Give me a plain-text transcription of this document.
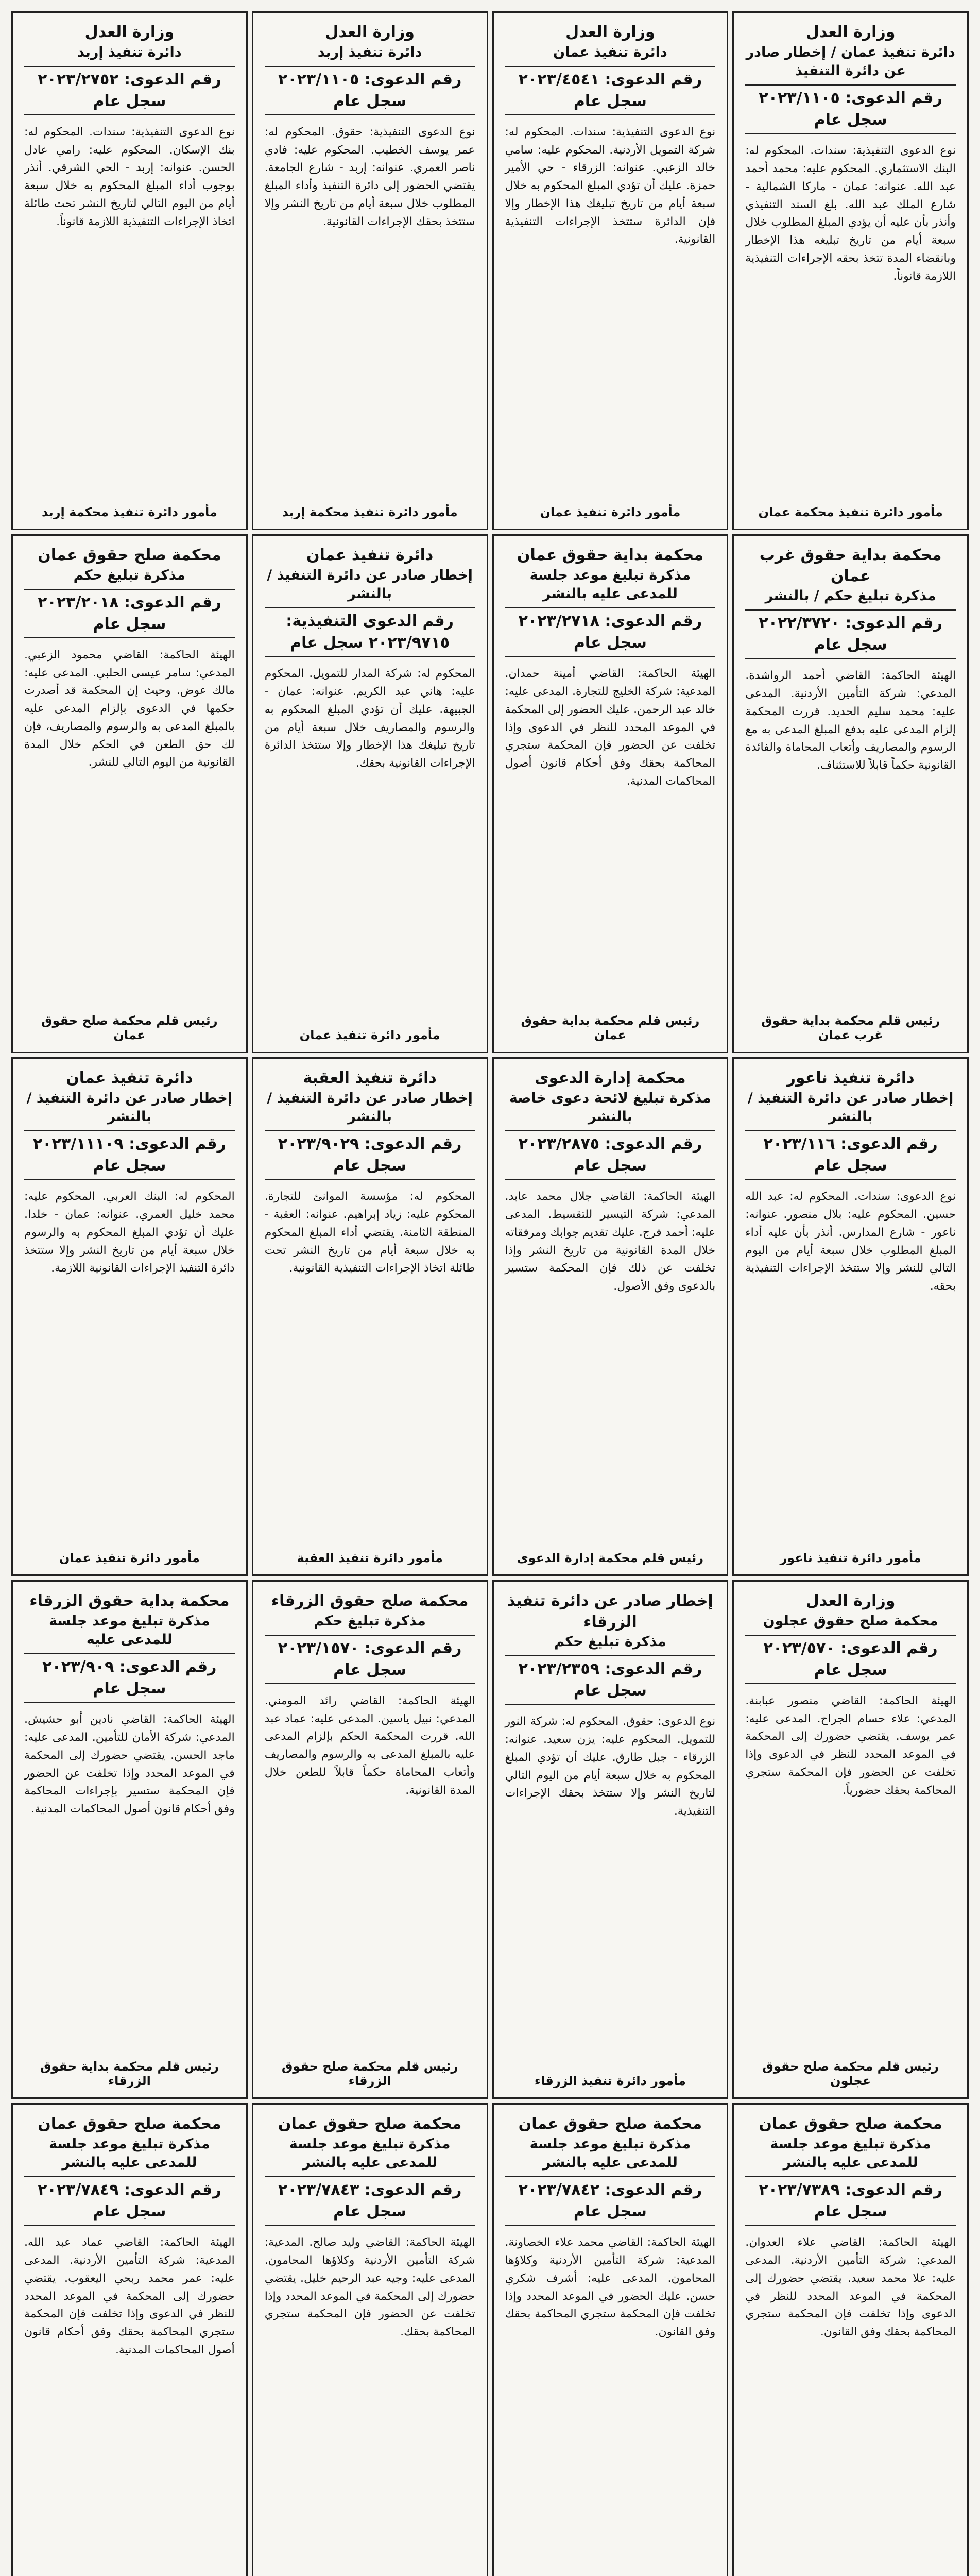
وزارة العدل
دائرة تنفيذ عمان / إخطار صادر عن دائرة التنفيذ
رقم الدعوى: ٢٠٢٣/١١٠٥ سجل عام
نوع الدعوى التنفيذية: سندات. المحكوم له: البنك الاستثماري. المحكوم عليه: محمد أحمد عبد الله. عنوانه: عمان - ماركا الشمالية - شارع الملك عبد الله. بلغ السند التنفيذي وأنذر بأن عليه أن يؤدي المبلغ المطلوب خلال سبعة أيام من تاريخ تبليغه هذا الإخطار وبانقضاء المدة تتخذ بحقه الإجراءات التنفيذية اللازمة قانوناً.
مأمور دائرة تنفيذ محكمة عمان
وزارة العدل
دائرة تنفيذ عمان
رقم الدعوى: ٢٠٢٣/٤٥٤١ سجل عام
نوع الدعوى التنفيذية: سندات. المحكوم له: شركة التمويل الأردنية. المحكوم عليه: سامي خالد الزعبي. عنوانه: الزرقاء - حي الأمير حمزة. عليك أن تؤدي المبلغ المحكوم به خلال سبعة أيام من تاريخ تبليغك هذا الإخطار وإلا فإن الدائرة ستتخذ الإجراءات التنفيذية القانونية.
مأمور دائرة تنفيذ عمان
وزارة العدل
دائرة تنفيذ إربد
رقم الدعوى: ٢٠٢٣/١١٠٥ سجل عام
نوع الدعوى التنفيذية: حقوق. المحكوم له: عمر يوسف الخطيب. المحكوم عليه: فادي ناصر العمري. عنوانه: إربد - شارع الجامعة. يقتضي الحضور إلى دائرة التنفيذ وأداء المبلغ المطلوب خلال سبعة أيام من تاريخ النشر وإلا ستتخذ بحقك الإجراءات القانونية.
مأمور دائرة تنفيذ محكمة إربد
وزارة العدل
دائرة تنفيذ إربد
رقم الدعوى: ٢٠٢٣/٢٧٥٢ سجل عام
نوع الدعوى التنفيذية: سندات. المحكوم له: بنك الإسكان. المحكوم عليه: رامي عادل الحسن. عنوانه: إربد - الحي الشرقي. أنذر بوجوب أداء المبلغ المحكوم به خلال سبعة أيام من اليوم التالي لتاريخ النشر تحت طائلة اتخاذ الإجراءات التنفيذية اللازمة قانوناً.
مأمور دائرة تنفيذ محكمة إربد
محكمة بداية حقوق غرب عمان
مذكرة تبليغ حكم / بالنشر
رقم الدعوى: ٢٠٢٢/٣٧٢٠ سجل عام
الهيئة الحاكمة: القاضي أحمد الرواشدة. المدعي: شركة التأمين الأردنية. المدعى عليه: محمد سليم الحديد. قررت المحكمة إلزام المدعى عليه بدفع المبلغ المدعى به مع الرسوم والمصاريف وأتعاب المحاماة والفائدة القانونية حكماً قابلاً للاستئناف.
رئيس قلم محكمة بداية حقوق غرب عمان
محكمة بداية حقوق عمان
مذكرة تبليغ موعد جلسة للمدعى عليه بالنشر
رقم الدعوى: ٢٠٢٣/٢٧١٨ سجل عام
الهيئة الحاكمة: القاضي أمينة حمدان. المدعية: شركة الخليج للتجارة. المدعى عليه: خالد عبد الرحمن. عليك الحضور إلى المحكمة في الموعد المحدد للنظر في الدعوى وإذا تخلفت عن الحضور فإن المحكمة ستجري المحاكمة بحقك وفق أحكام قانون أصول المحاكمات المدنية.
رئيس قلم محكمة بداية حقوق عمان
دائرة تنفيذ عمان
إخطار صادر عن دائرة التنفيذ / بالنشر
رقم الدعوى التنفيذية: ٢٠٢٣/٩٧١٥ سجل عام
المحكوم له: شركة المدار للتمويل. المحكوم عليه: هاني عبد الكريم. عنوانه: عمان - الجبيهة. عليك أن تؤدي المبلغ المحكوم به والرسوم والمصاريف خلال سبعة أيام من تاريخ تبليغك هذا الإخطار وإلا ستتخذ الدائرة الإجراءات القانونية بحقك.
مأمور دائرة تنفيذ عمان
محكمة صلح حقوق عمان
مذكرة تبليغ حكم
رقم الدعوى: ٢٠٢٣/٢٠١٨ سجل عام
الهيئة الحاكمة: القاضي محمود الزعبي. المدعي: سامر عيسى الحلبي. المدعى عليه: مالك عوض. وحيث إن المحكمة قد أصدرت حكمها في الدعوى بإلزام المدعى عليه بالمبلغ المدعى به والرسوم والمصاريف، فإن لك حق الطعن في الحكم خلال المدة القانونية من اليوم التالي للنشر.
رئيس قلم محكمة صلح حقوق عمان
دائرة تنفيذ ناعور
إخطار صادر عن دائرة التنفيذ / بالنشر
رقم الدعوى: ٢٠٢٣/١١٦ سجل عام
نوع الدعوى: سندات. المحكوم له: عبد الله حسين. المحكوم عليه: بلال منصور. عنوانه: ناعور - شارع المدارس. أنذر بأن عليه أداء المبلغ المطلوب خلال سبعة أيام من اليوم التالي للنشر وإلا ستتخذ الإجراءات التنفيذية بحقه.
مأمور دائرة تنفيذ ناعور
محكمة إدارة الدعوى
مذكرة تبليغ لائحة دعوى خاصة بالنشر
رقم الدعوى: ٢٠٢٣/٢٨٧٥ سجل عام
الهيئة الحاكمة: القاضي جلال محمد عابد. المدعي: شركة التيسير للتقسيط. المدعى عليه: أحمد فرج. عليك تقديم جوابك ومرفقاته خلال المدة القانونية من تاريخ النشر وإذا تخلفت عن ذلك فإن المحكمة ستسير بالدعوى وفق الأصول.
رئيس قلم محكمة إدارة الدعوى
دائرة تنفيذ العقبة
إخطار صادر عن دائرة التنفيذ / بالنشر
رقم الدعوى: ٢٠٢٣/٩٠٢٩ سجل عام
المحكوم له: مؤسسة الموانئ للتجارة. المحكوم عليه: زياد إبراهيم. عنوانه: العقبة - المنطقة الثامنة. يقتضي أداء المبلغ المحكوم به خلال سبعة أيام من تاريخ النشر تحت طائلة اتخاذ الإجراءات التنفيذية القانونية.
مأمور دائرة تنفيذ العقبة
دائرة تنفيذ عمان
إخطار صادر عن دائرة التنفيذ / بالنشر
رقم الدعوى: ٢٠٢٣/١١١٠٩ سجل عام
المحكوم له: البنك العربي. المحكوم عليه: محمد خليل العمري. عنوانه: عمان - خلدا. عليك أن تؤدي المبلغ المحكوم به والرسوم خلال سبعة أيام من تاريخ النشر وإلا ستتخذ دائرة التنفيذ الإجراءات القانونية اللازمة.
مأمور دائرة تنفيذ عمان
وزارة العدل
محكمة صلح حقوق عجلون
رقم الدعوى: ٢٠٢٣/٥٧٠ سجل عام
الهيئة الحاكمة: القاضي منصور عبابنة. المدعي: علاء حسام الجراح. المدعى عليه: عمر يوسف. يقتضي حضورك إلى المحكمة في الموعد المحدد للنظر في الدعوى وإذا تخلفت عن الحضور فإن المحكمة ستجري المحاكمة بحقك حضورياً.
رئيس قلم محكمة صلح حقوق عجلون
إخطار صادر عن دائرة تنفيذ الزرقاء
مذكرة تبليغ حكم
رقم الدعوى: ٢٠٢٣/٢٣٥٩ سجل عام
نوع الدعوى: حقوق. المحكوم له: شركة النور للتمويل. المحكوم عليه: يزن سعيد. عنوانه: الزرقاء - جبل طارق. عليك أن تؤدي المبلغ المحكوم به خلال سبعة أيام من اليوم التالي لتاريخ النشر وإلا ستتخذ بحقك الإجراءات التنفيذية.
مأمور دائرة تنفيذ الزرقاء
محكمة صلح حقوق الزرقاء
مذكرة تبليغ حكم
رقم الدعوى: ٢٠٢٣/١٥٧٠ سجل عام
الهيئة الحاكمة: القاضي رائد المومني. المدعي: نبيل ياسين. المدعى عليه: عماد عبد الله. قررت المحكمة الحكم بإلزام المدعى عليه بالمبلغ المدعى به والرسوم والمصاريف وأتعاب المحاماة حكماً قابلاً للطعن خلال المدة القانونية.
رئيس قلم محكمة صلح حقوق الزرقاء
محكمة بداية حقوق الزرقاء
مذكرة تبليغ موعد جلسة للمدعى عليه
رقم الدعوى: ٢٠٢٣/٩٠٩ سجل عام
الهيئة الحاكمة: القاضي نادين أبو حشيش. المدعي: شركة الأمان للتأمين. المدعى عليه: ماجد الحسن. يقتضي حضورك إلى المحكمة في الموعد المحدد وإذا تخلفت عن الحضور فإن المحكمة ستسير بإجراءات المحاكمة وفق أحكام قانون أصول المحاكمات المدنية.
رئيس قلم محكمة بداية حقوق الزرقاء
محكمة صلح حقوق عمان
مذكرة تبليغ موعد جلسة للمدعى عليه بالنشر
رقم الدعوى: ٢٠٢٣/٧٣٨٩ سجل عام
الهيئة الحاكمة: القاضي علاء العدوان. المدعي: شركة التأمين الأردنية. المدعى عليه: علا محمد سعيد. يقتضي حضورك إلى المحكمة في الموعد المحدد للنظر في الدعوى وإذا تخلفت فإن المحكمة ستجري المحاكمة بحقك وفق القانون.
محكمة صلح حقوق عمان
مذكرة تبليغ موعد جلسة للمدعى عليه بالنشر
رقم الدعوى: ٢٠٢٣/٧٨٤٢ سجل عام
الهيئة الحاكمة: القاضي محمد علاء الخصاونة. المدعية: شركة التأمين الأردنية وكلاؤها المحامون. المدعى عليه: أشرف شكري حسن. عليك الحضور في الموعد المحدد وإذا تخلفت فإن المحكمة ستجري المحاكمة بحقك وفق القانون.
محكمة صلح حقوق عمان
مذكرة تبليغ موعد جلسة للمدعى عليه بالنشر
رقم الدعوى: ٢٠٢٣/٧٨٤٣ سجل عام
الهيئة الحاكمة: القاضي وليد صالح. المدعية: شركة التأمين الأردنية وكلاؤها المحامون. المدعى عليه: وجيه عبد الرحيم خليل. يقتضي حضورك إلى المحكمة في الموعد المحدد وإذا تخلفت عن الحضور فإن المحكمة ستجري المحاكمة بحقك.
محكمة صلح حقوق عمان
مذكرة تبليغ موعد جلسة للمدعى عليه بالنشر
رقم الدعوى: ٢٠٢٣/٧٨٤٩ سجل عام
الهيئة الحاكمة: القاضي عماد عبد الله. المدعية: شركة التأمين الأردنية. المدعى عليه: عمر محمد ربحي اليعقوب. يقتضي حضورك إلى المحكمة في الموعد المحدد للنظر في الدعوى وإذا تخلفت فإن المحكمة ستجري المحاكمة بحقك وفق أحكام قانون أصول المحاكمات المدنية.
